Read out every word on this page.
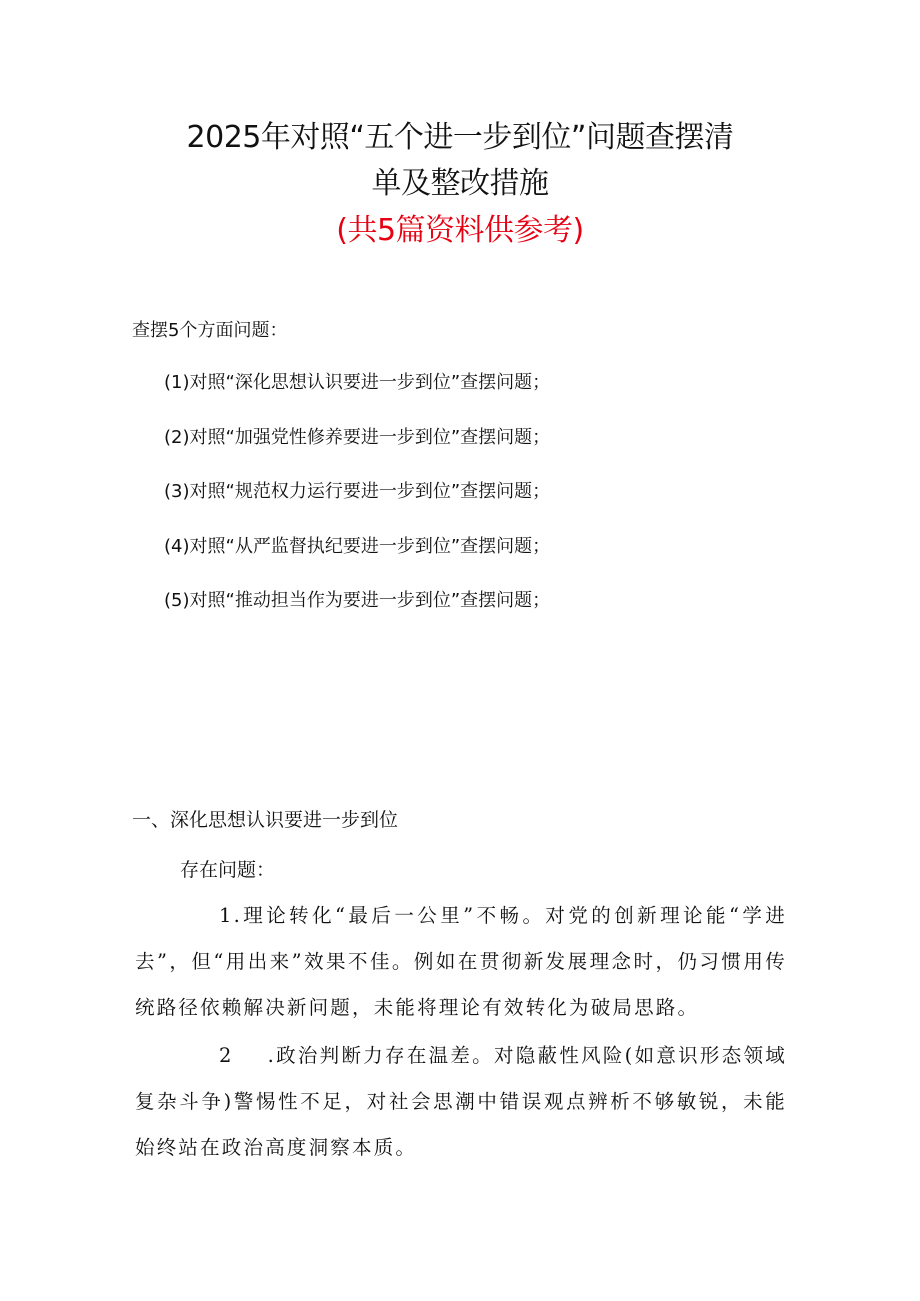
2025年对照“五个进一步到位”问题查摆清
单及整改措施
(共5篇资料供参考)
查摆5个方面问题：
(1)对照“深化思想认识要进一步到位”查摆问题；
(2)对照“加强党性修养要进一步到位”查摆问题；
(3)对照“规范权力运行要进一步到位”查摆问题；
(4)对照“从严监督执纪要进一步到位”查摆问题；
(5)对照“推动担当作为要进一步到位”查摆问题；
一、深化思想认识要进一步到位
存在问题：

1.理论转化“最后一公里”不畅。对党的创新理论能“学进去”，但“用出来”效果不佳。例如在贯彻新发展理念时，仍习惯用传统路径依赖解决新问题，未能将理论有效转化为破局思路。

2 .政治判断力存在温差。对隐蔽性风险(如意识形态领域复杂斗争)警惕性不足，对社会思潮中错误观点辨析不够敏锐，未能始终站在政治高度洞察本质。
